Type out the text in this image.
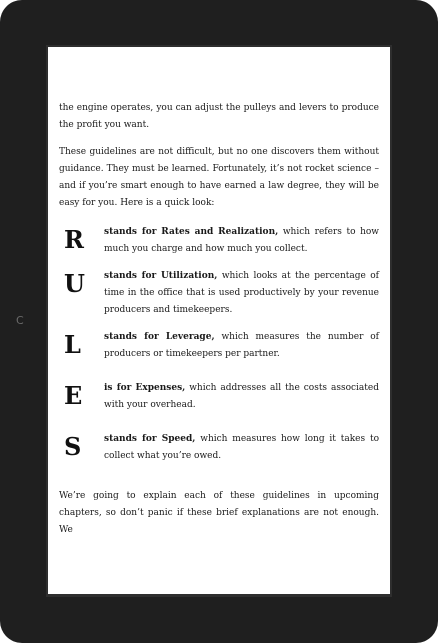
C

the engine operates, you can adjust the pulleys and levers to produce the profit you want.

These guidelines are not difficult, but no one discovers them without guidance. They must be learned. Fortunately, it’s not rocket science – and if you’re smart enough to have earned a law degree, they will be easy for you. Here is a quick look:

R	stands for Rates and Realization, which refers to how much you charge and how much you collect.
U	stands for Utilization, which looks at the percentage of time in the office that is used productively by your revenue producers and timekeepers.
L	stands for Leverage, which measures the number of producers or timekeepers per partner.
E	is for Expenses, which addresses all the costs associated with your overhead.
S	stands for Speed, which measures how long it takes to collect what you’re owed.

We’re going to explain each of these guidelines in upcoming chapters, so don’t panic if these brief explanations are not enough. We
